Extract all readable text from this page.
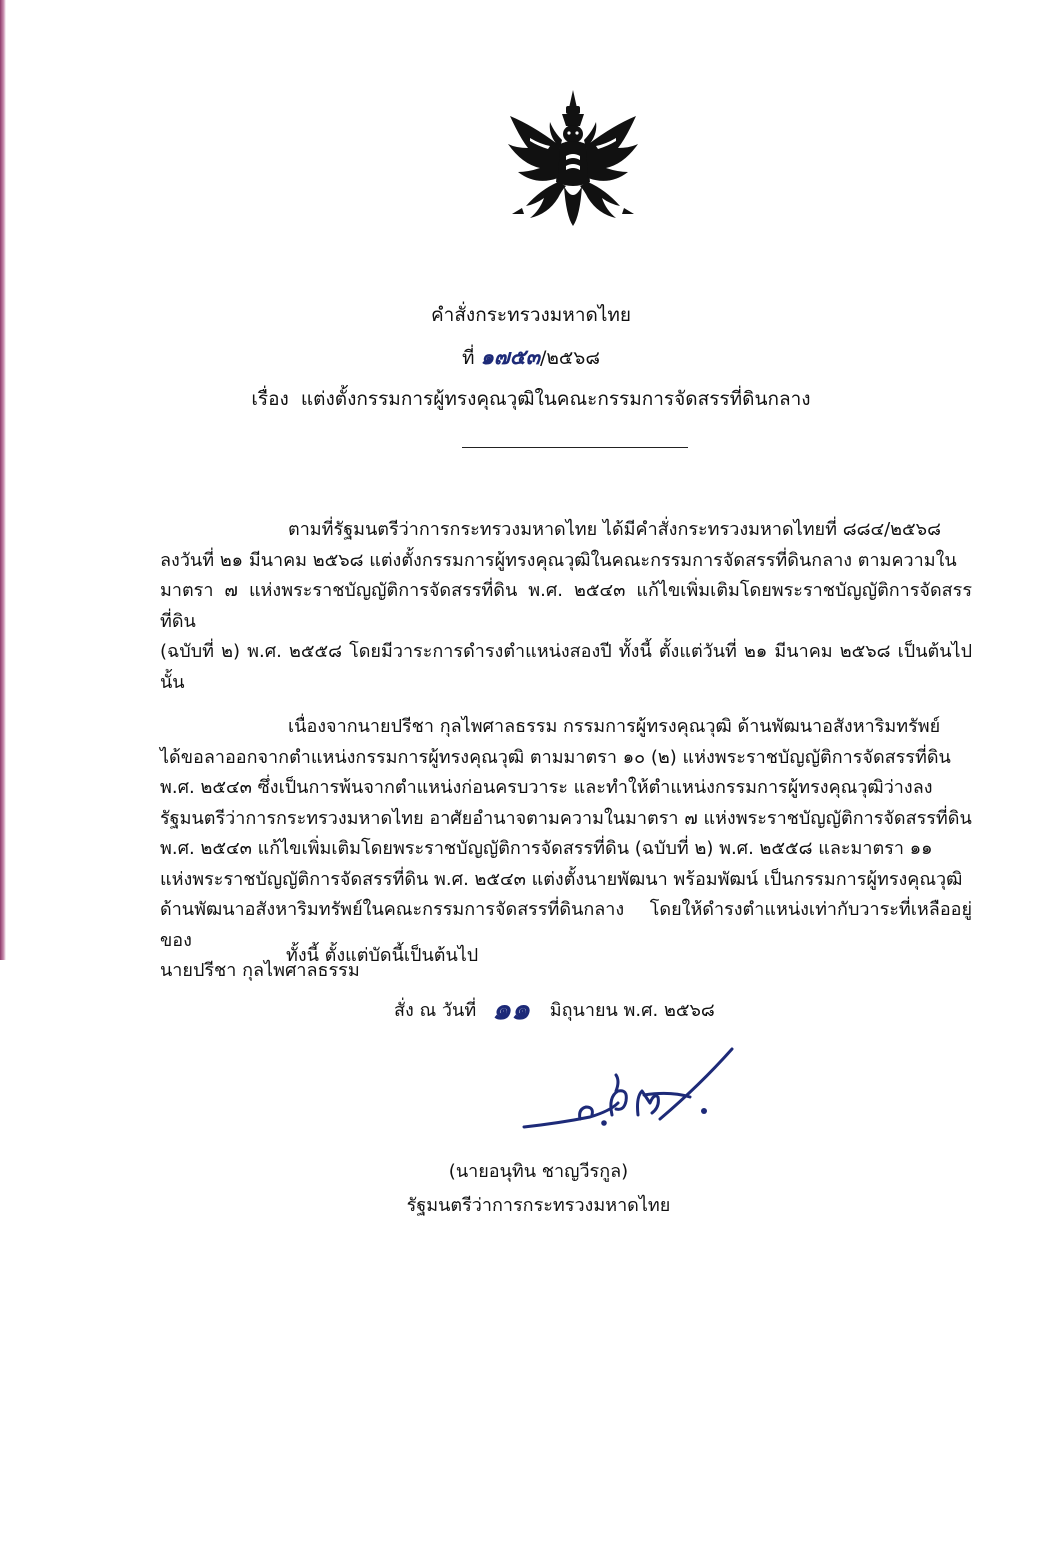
คำสั่งกระทรวงมหาดไทย
ที่ ๑๗๕๓/๒๕๖๘
เรื่อง แต่งตั้งกรรมการผู้ทรงคุณวุฒิในคณะกรรมการจัดสรรที่ดินกลาง

ตามที่รัฐมนตรีว่าการกระทรวงมหาดไทย ได้มีคำสั่งกระทรวงมหาดไทยที่ ๘๘๔/๒๕๖๘
ลงวันที่ ๒๑ มีนาคม ๒๕๖๘ แต่งตั้งกรรมการผู้ทรงคุณวุฒิในคณะกรรมการจัดสรรที่ดินกลาง ตามความใน
มาตรา ๗ แห่งพระราชบัญญัติการจัดสรรที่ดิน พ.ศ. ๒๕๔๓ แก้ไขเพิ่มเติมโดยพระราชบัญญัติการจัดสรรที่ดิน
(ฉบับที่ ๒) พ.ศ. ๒๕๕๘ โดยมีวาระการดำรงตำแหน่งสองปี ทั้งนี้ ตั้งแต่วันที่ ๒๑ มีนาคม ๒๕๖๘ เป็นต้นไป นั้น

เนื่องจากนายปรีชา กุลไพศาลธรรม กรรมการผู้ทรงคุณวุฒิ ด้านพัฒนาอสังหาริมทรัพย์
ได้ขอลาออกจากตำแหน่งกรรมการผู้ทรงคุณวุฒิ ตามมาตรา ๑๐ (๒) แห่งพระราชบัญญัติการจัดสรรที่ดิน
พ.ศ. ๒๕๔๓ ซึ่งเป็นการพ้นจากตำแหน่งก่อนครบวาระ และทำให้ตำแหน่งกรรมการผู้ทรงคุณวุฒิว่างลง
รัฐมนตรีว่าการกระทรวงมหาดไทย อาศัยอำนาจตามความในมาตรา ๗ แห่งพระราชบัญญัติการจัดสรรที่ดิน
พ.ศ. ๒๕๔๓ แก้ไขเพิ่มเติมโดยพระราชบัญญัติการจัดสรรที่ดิน (ฉบับที่ ๒) พ.ศ. ๒๕๕๘ และมาตรา ๑๑
แห่งพระราชบัญญัติการจัดสรรที่ดิน พ.ศ. ๒๕๔๓ แต่งตั้งนายพัฒนา พร้อมพัฒน์ เป็นกรรมการผู้ทรงคุณวุฒิ
ด้านพัฒนาอสังหาริมทรัพย์ในคณะกรรมการจัดสรรที่ดินกลาง โดยให้ดำรงตำแหน่งเท่ากับวาระที่เหลืออยู่ของ
นายปรีชา กุลไพศาลธรรม

ทั้งนี้ ตั้งแต่บัดนี้เป็นต้นไป
สั่ง ณ วันที่ ๑๑ มิถุนายน พ.ศ. ๒๕๖๘
(นายอนุทิน ชาญวีรกูล)
รัฐมนตรีว่าการกระทรวงมหาดไทย
